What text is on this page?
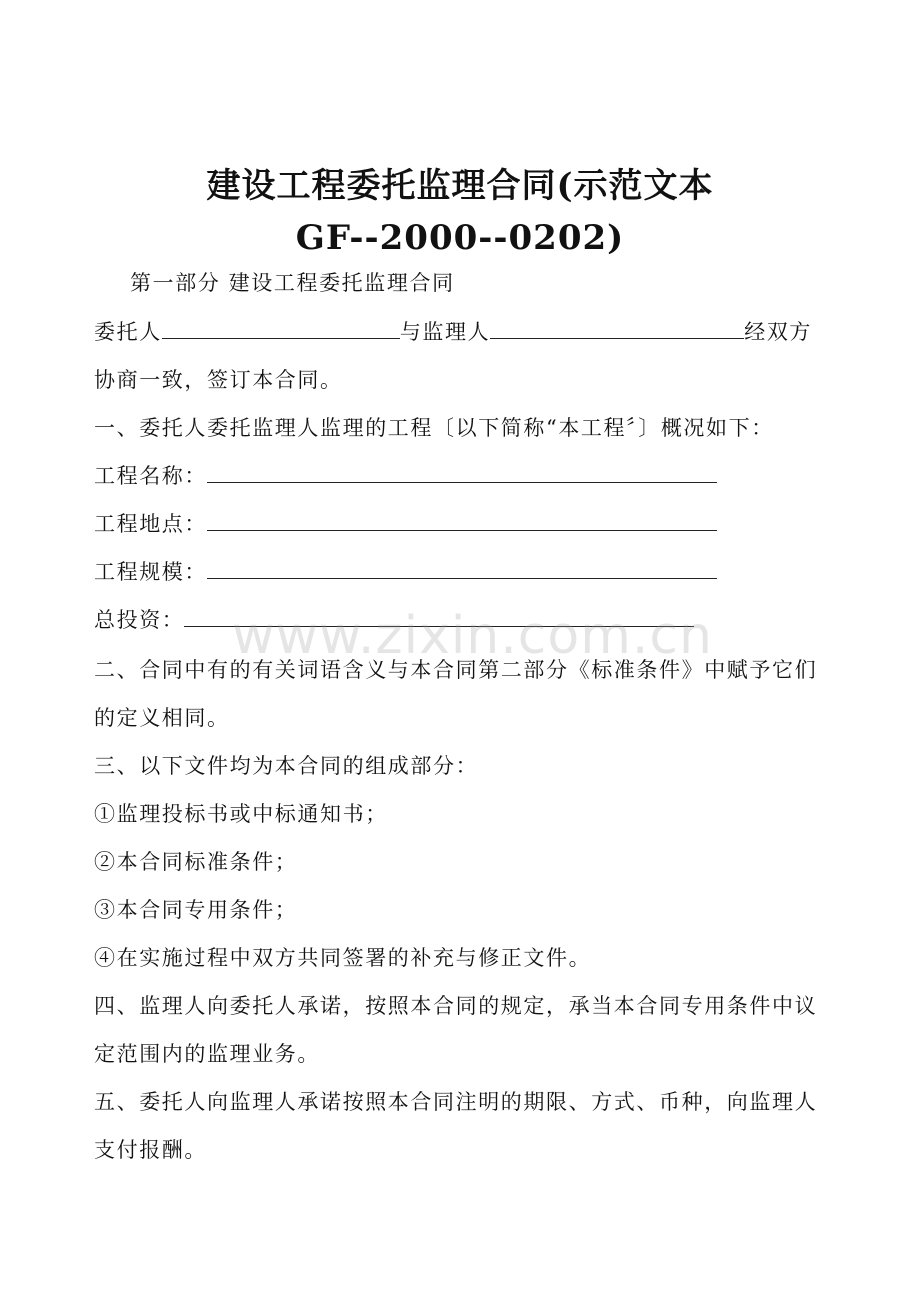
建设工程委托监理合同(示范文本
GF--2000--0202)
第一部分 建设工程委托监理合同
委托人	与监理人	经双方
协商一致，签订本合同。
一、委托人委托监理人监理的工程〔以下简称“本工程〞〕概况如下：
工程名称：
工程地点：
工程规模：
总投资：
二、合同中有的有关词语含义与本合同第二部分《标准条件》中赋予它们
的定义相同。
三、以下文件均为本合同的组成部分：
①监理投标书或中标通知书；
②本合同标准条件；
③本合同专用条件；
④在实施过程中双方共同签署的补充与修正文件。
四、监理人向委托人承诺，按照本合同的规定，承当本合同专用条件中议
定范围内的监理业务。
五、委托人向监理人承诺按照本合同注明的期限、方式、币种，向监理人
支付报酬。
www.zixin.com.cn
